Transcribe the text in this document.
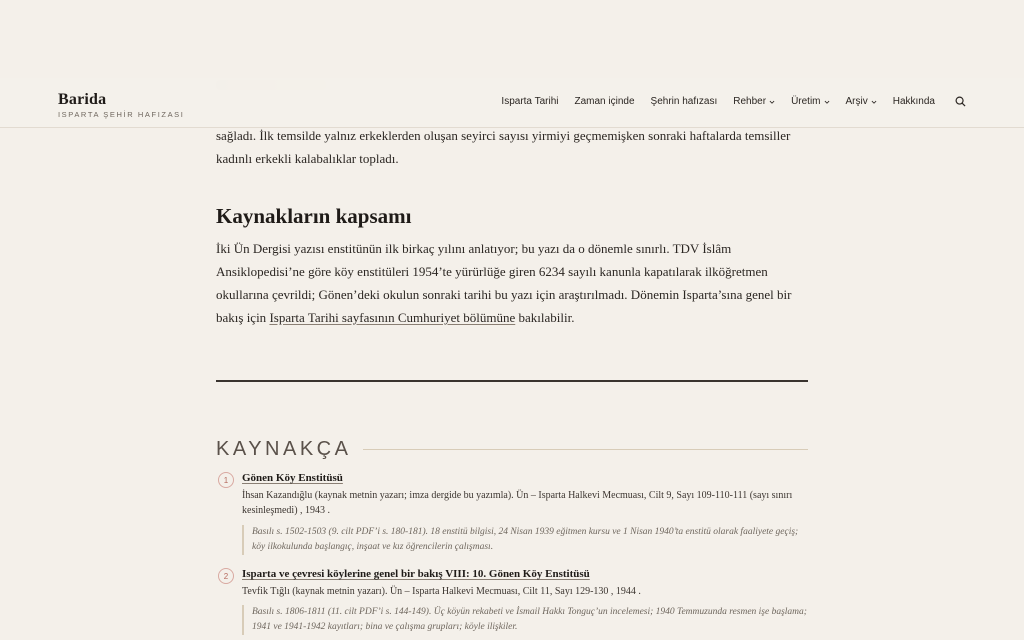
sağladı. İlk temsilde yalnız erkeklerden oluşan seyirci sayısı yirmiyi geçmemişken sonraki haftalarda temsiller kadınlı erkekli kalabalıklar topladı.

Kaynakların kapsamı

İki Ün Dergisi yazısı enstitünün ilk birkaç yılını anlatıyor; bu yazı da o dönemle sınırlı. TDV İslâm Ansiklopedisi’ne göre köy enstitüleri 1954’te yürürlüğe giren 6234 sayılı kanunla kapatılarak ilköğretmen okullarına çevrildi; Gönen’deki okulun sonraki tarihi bu yazı için araştırılmadı. Dönemin Isparta’sına genel bir bakış için Isparta Tarihi sayfasının Cumhuriyet bölümüne bakılabilir.

KAYNAKÇA
1	Gönen Köy Enstitüsü
İhsan Kazandığlu (kaynak metnin yazarı; imza dergide bu yazımla). Ün – Isparta Halkevi Mecmuası, Cilt 9, Sayı 109-110-111 (sayı sınırı kesinleşmedi) , 1943 .
Basılı s. 1502-1503 (9. cilt PDF’i s. 180-181). 18 enstitü bilgisi, 24 Nisan 1939 eğitmen kursu ve 1 Nisan 1940’ta enstitü olarak faaliyete geçiş; köy ilkokulunda başlangıç, inşaat ve kız öğrencilerin çalışması.
2	Isparta ve çevresi köylerine genel bir bakış VIII: 10. Gönen Köy Enstitüsü
Tevfik Tığlı (kaynak metnin yazarı). Ün – Isparta Halkevi Mecmuası, Cilt 11, Sayı 129-130 , 1944 .
Basılı s. 1806-1811 (11. cilt PDF’i s. 144-149). Üç köyün rekabeti ve İsmail Hakkı Tonguç’un incelemesi; 1940 Temmuzunda resmen işe başlama; 1941 ve 1941-1942 kayıtları; bina ve çalışma grupları; köyle ilişkiler.
Barida
ISPARTA ŞEHİR HAFIZASI
Isparta Tarihi Zaman içinde Şehrin hafızası Rehber	Üretim	Arşiv	Hakkında
